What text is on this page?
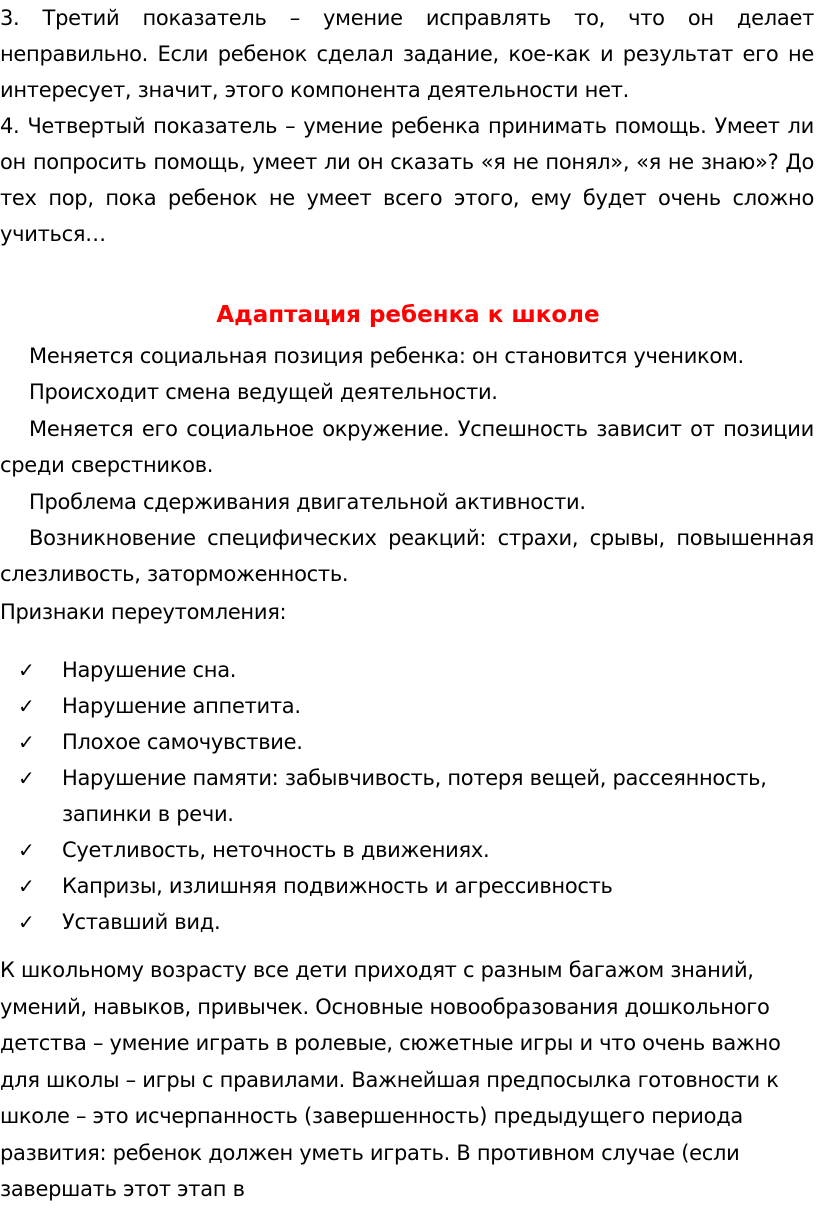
3. Третий показатель – умение исправлять то, что он делает неправильно. Если ребенок сделал задание, кое-как и результат его не интересует, значит, этого компонента деятельности нет.

4. Четвертый показатель – умение ребенка принимать помощь. Умеет ли он попросить помощь, умеет ли он сказать «я не понял», «я не знаю»? До тех пор, пока ребенок не умеет всего этого, ему будет очень сложно учиться…

Адаптация ребенка к школе

Меняется социальная позиция ребенка: он становится учеником.

Происходит смена ведущей деятельности.

Меняется его социальное окружение. Успешность зависит от позиции среди сверстников.

Проблема сдерживания двигательной активности.

Возникновение специфических реакций: страхи, срывы, повышенная слезливость, заторможенность.

Признаки переутомления:

✓ Нарушение сна.
✓ Нарушение аппетита.
✓ Плохое самочувствие.
✓ Нарушение памяти: забывчивость, потеря вещей, рассеянность, запинки в речи.
✓ Суетливость, неточность в движениях.
✓ Капризы, излишняя подвижность и агрессивность
✓ Уставший вид.

К школьному возрасту все дети приходят с разным багажом знаний, умений, навыков, привычек. Основные новообразования дошкольного детства – умение играть в ролевые, сюжетные игры и что очень важно для школы – игры с правилами. Важнейшая предпосылка готовности к школе – это исчерпанность (завершенность) предыдущего периода развития: ребенок должен уметь играть. В противном случае (если завершать этот этап в
